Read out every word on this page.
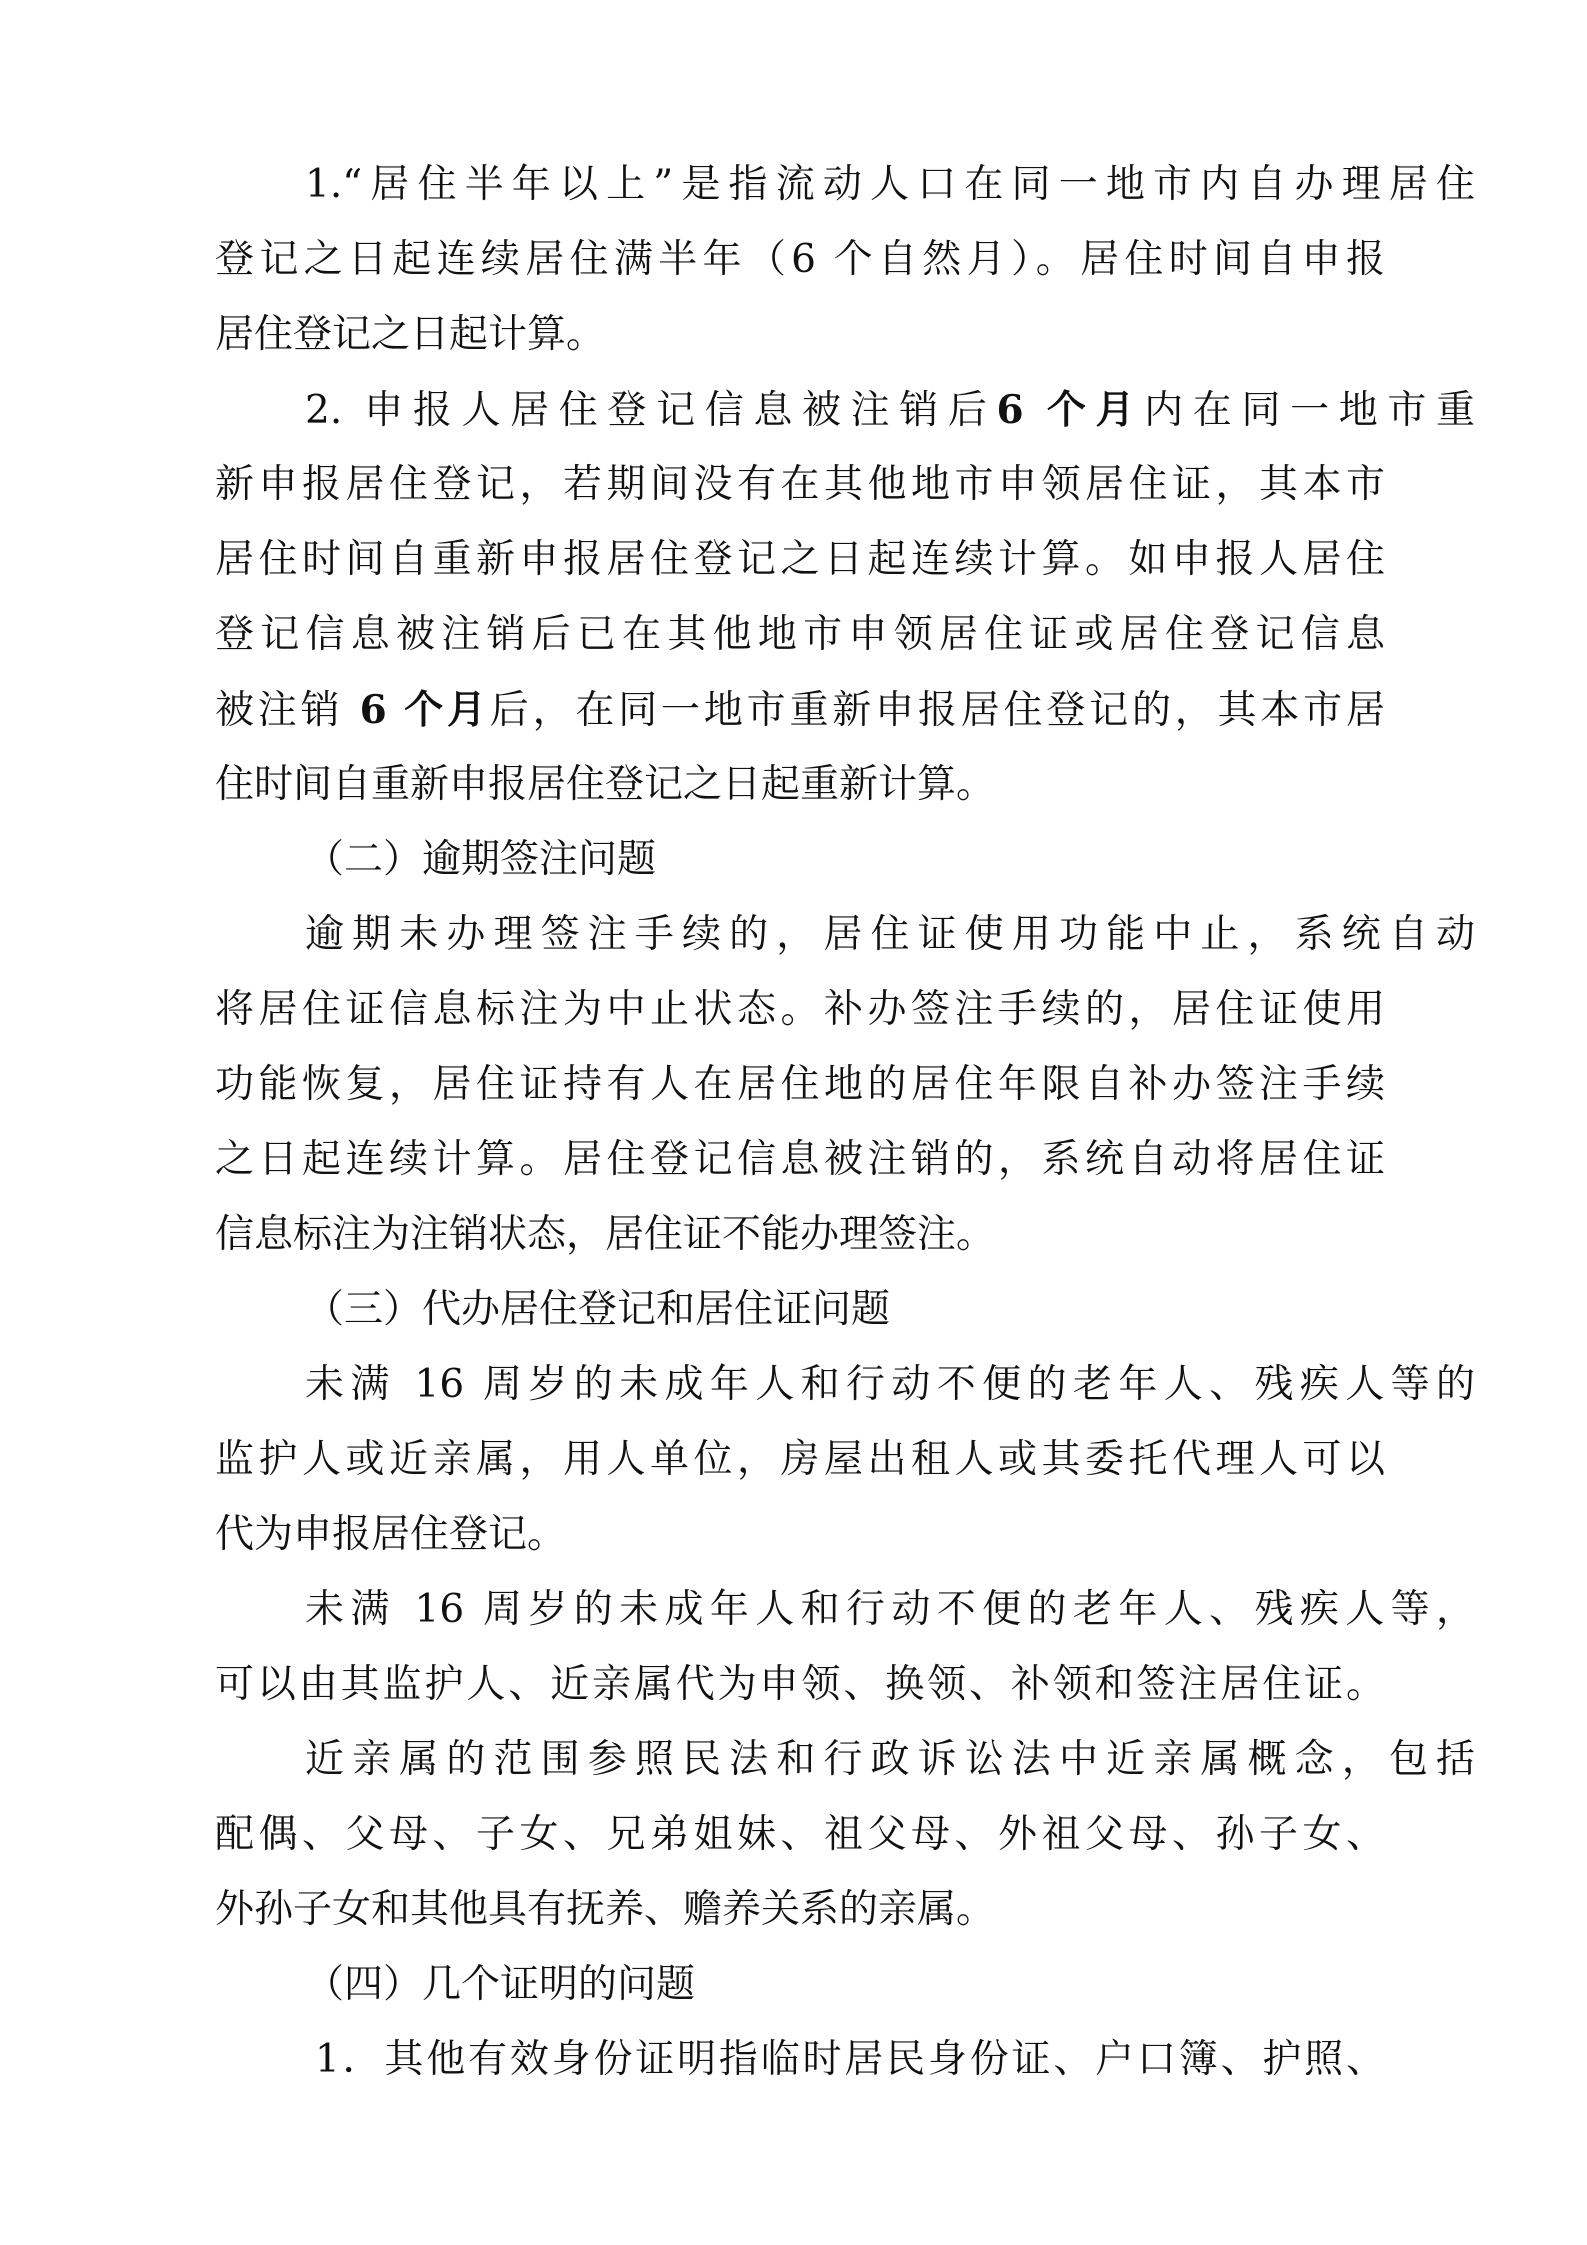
1.“居住半年以上”是指流动人口在同一地市内自办理居住
登记之日起连续居住满半年（6 个自然月）。居住时间自申报
居住登记之日起计算。
2. 申报人居住登记信息被注销后6 个月内在同一地市重
新申报居住登记，若期间没有在其他地市申领居住证，其本市
居住时间自重新申报居住登记之日起连续计算。如申报人居住
登记信息被注销后已在其他地市申领居住证或居住登记信息
被注销 6 个月后，在同一地市重新申报居住登记的，其本市居
住时间自重新申报居住登记之日起重新计算。
（二）逾期签注问题
逾期未办理签注手续的，居住证使用功能中止，系统自动
将居住证信息标注为中止状态。补办签注手续的，居住证使用
功能恢复，居住证持有人在居住地的居住年限自补办签注手续
之日起连续计算。居住登记信息被注销的，系统自动将居住证
信息标注为注销状态，居住证不能办理签注。
（三）代办居住登记和居住证问题
未满 16 周岁的未成年人和行动不便的老年人、残疾人等的
监护人或近亲属，用人单位，房屋出租人或其委托代理人可以
代为申报居住登记。
未满 16 周岁的未成年人和行动不便的老年人、残疾人等，
可以由其监护人、近亲属代为申领、换领、补领和签注居住证。
近亲属的范围参照民法和行政诉讼法中近亲属概念，包括
配偶、父母、子女、兄弟姐妹、祖父母、外祖父母、孙子女、
外孙子女和其他具有抚养、赡养关系的亲属。
（四）几个证明的问题
1．其他有效身份证明指临时居民身份证、户口簿、护照、
